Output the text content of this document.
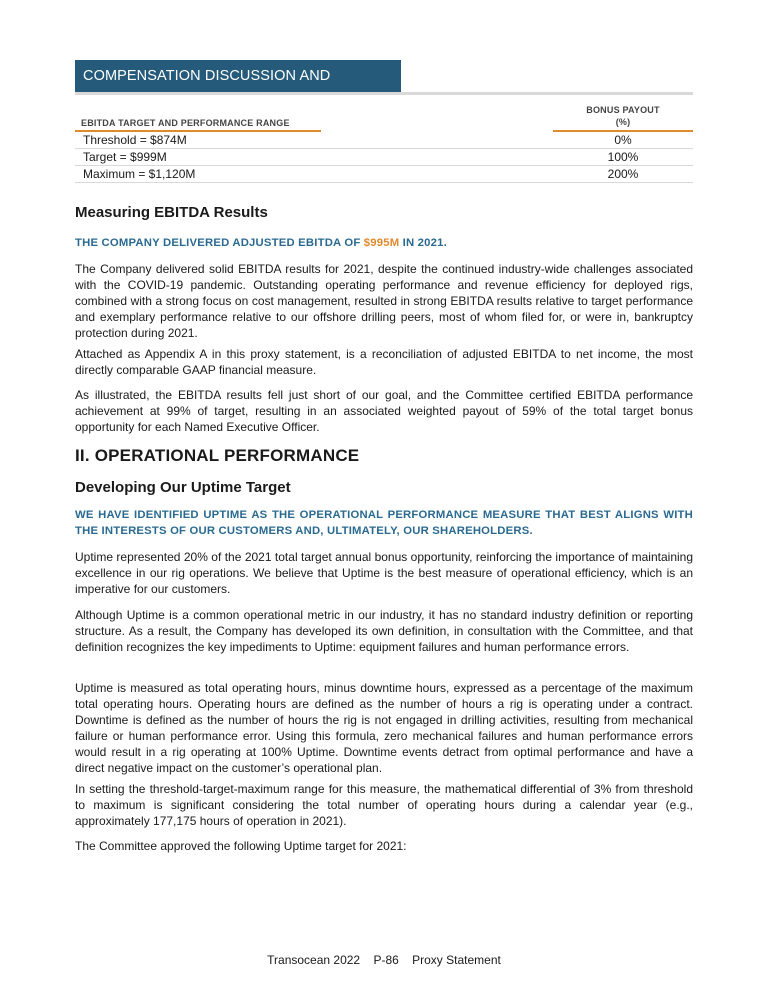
COMPENSATION DISCUSSION AND ANALYSIS
EBITDA TARGET AND PERFORMANCE RANGE
BONUS PAYOUT
(%)
Threshold = $874M	0%
Target = $999M	100%
Maximum = $1,120M	200%
Measuring EBITDA Results
THE COMPANY DELIVERED ADJUSTED EBITDA OF $995M IN 2021.
The Company delivered solid EBITDA results for 2021, despite the continued industry-wide challenges associated with the COVID-19 pandemic. Outstanding operating performance and revenue efficiency for deployed rigs, combined with a strong focus on cost management, resulted in strong EBITDA results relative to target performance and exemplary performance relative to our offshore drilling peers, most of whom filed for, or were in, bankruptcy protection during 2021.
Attached as Appendix A in this proxy statement, is a reconciliation of adjusted EBITDA to net income, the most directly comparable GAAP financial measure.
As illustrated, the EBITDA results fell just short of our goal, and the Committee certified EBITDA performance achievement at 99% of target, resulting in an associated weighted payout of 59% of the total target bonus opportunity for each Named Executive Officer.
II. OPERATIONAL PERFORMANCE
Developing Our Uptime Target
WE HAVE IDENTIFIED UPTIME AS THE OPERATIONAL PERFORMANCE MEASURE THAT BEST ALIGNS WITH THE INTERESTS OF OUR CUSTOMERS AND, ULTIMATELY, OUR SHAREHOLDERS.
Uptime represented 20% of the 2021 total target annual bonus opportunity, reinforcing the importance of maintaining excellence in our rig operations. We believe that Uptime is the best measure of operational efficiency, which is an imperative for our customers.
Although Uptime is a common operational metric in our industry, it has no standard industry definition or reporting structure. As a result, the Company has developed its own definition, in consultation with the Committee, and that definition recognizes the key impediments to Uptime: equipment failures and human performance errors.
Uptime is measured as total operating hours, minus downtime hours, expressed as a percentage of the maximum total operating hours. Operating hours are defined as the number of hours a rig is operating under a contract. Downtime is defined as the number of hours the rig is not engaged in drilling activities, resulting from mechanical failure or human performance error. Using this formula, zero mechanical failures and human performance errors would result in a rig operating at 100% Uptime. Downtime events detract from optimal performance and have a direct negative impact on the customer’s operational plan.
In setting the threshold-target-maximum range for this measure, the mathematical differential of 3% from threshold to maximum is significant considering the total number of operating hours during a calendar year (e.g., approximately 177,175 hours of operation in 2021).
The Committee approved the following Uptime target for 2021:
Transocean 2022    P-86    Proxy Statement
